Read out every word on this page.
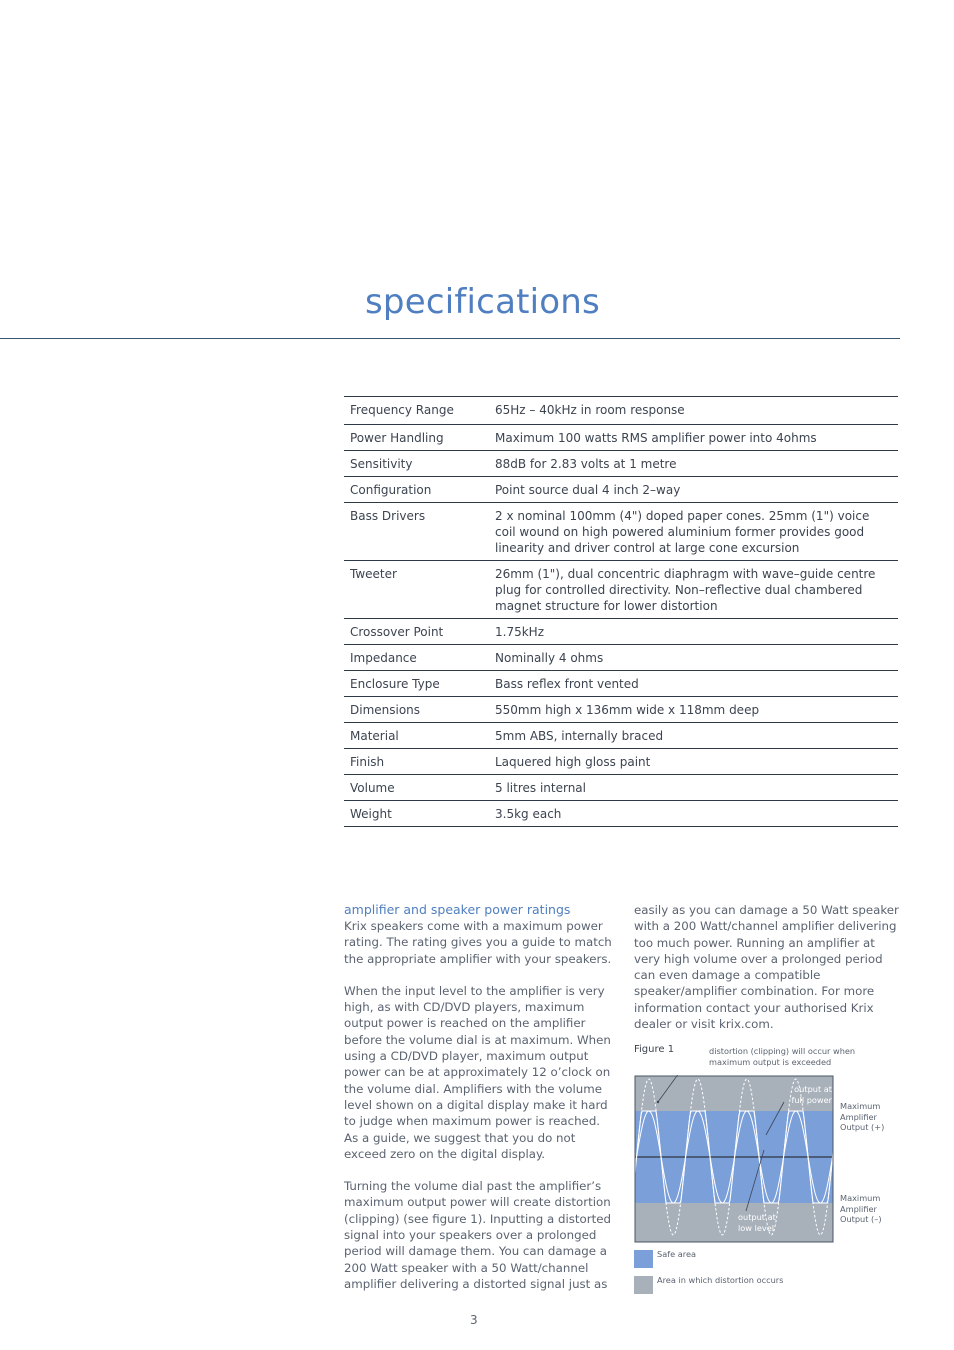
specifications
Frequency Range	65Hz – 40kHz in room response
Power Handling	Maximum 100 watts RMS amplifier power into 4ohms
Sensitivity	88dB for 2.83 volts at 1 metre
Configuration	Point source dual 4 inch 2–way
Bass Drivers	2 x nominal 100mm (4") doped paper cones. 25mm (1") voice coil wound on high powered aluminium former provides good linearity and driver control at large cone excursion
Tweeter	26mm (1"), dual concentric diaphragm with wave–guide centre plug for controlled directivity. Non–reflective dual chambered magnet structure for lower distortion
Crossover Point	1.75kHz
Impedance	Nominally 4 ohms
Enclosure Type	Bass reflex front vented
Dimensions	550mm high x 136mm wide x 118mm deep
Material	5mm ABS, internally braced
Finish	Laquered high gloss paint
Volume	5 litres internal
Weight	3.5kg each
amplifier and speaker power ratings

Krix speakers come with a maximum power rating. The rating gives you a guide to match the appropriate amplifier with your speakers.

When the input level to the amplifier is very high, as with CD/DVD players, maximum output power is reached on the amplifier before the volume dial is at maximum. When using a CD/DVD player, maximum output power can be at approximately 12 o’clock on the volume dial. Amplifiers with the volume level shown on a digital display make it hard to judge when maximum power is reached. As a guide, we suggest that you do not exceed zero on the digital display.

Turning the volume dial past the amplifier’s maximum output power will create distortion (clipping) (see figure 1). Inputting a distorted signal into your speakers over a prolonged period will damage them. You can damage a 200 Watt speaker with a 50 Watt/channel amplifier delivering a distorted signal just as

easily as you can damage a 50 Watt speaker with a 200 Watt/channel amplifier delivering too much power. Running an amplifier at very high volume over a prolonged period can even damage a compatible speaker/amplifier combination. For more information contact your authorised Krix dealer or visit krix.com.

Figure 1	distortion (clipping) will occur when maximum output is exceeded
output at full power
output at low level
Maximum Amplifier Output (+)
Maximum Amplifier Output (–)
Safe area
Area in which distortion occurs
3
